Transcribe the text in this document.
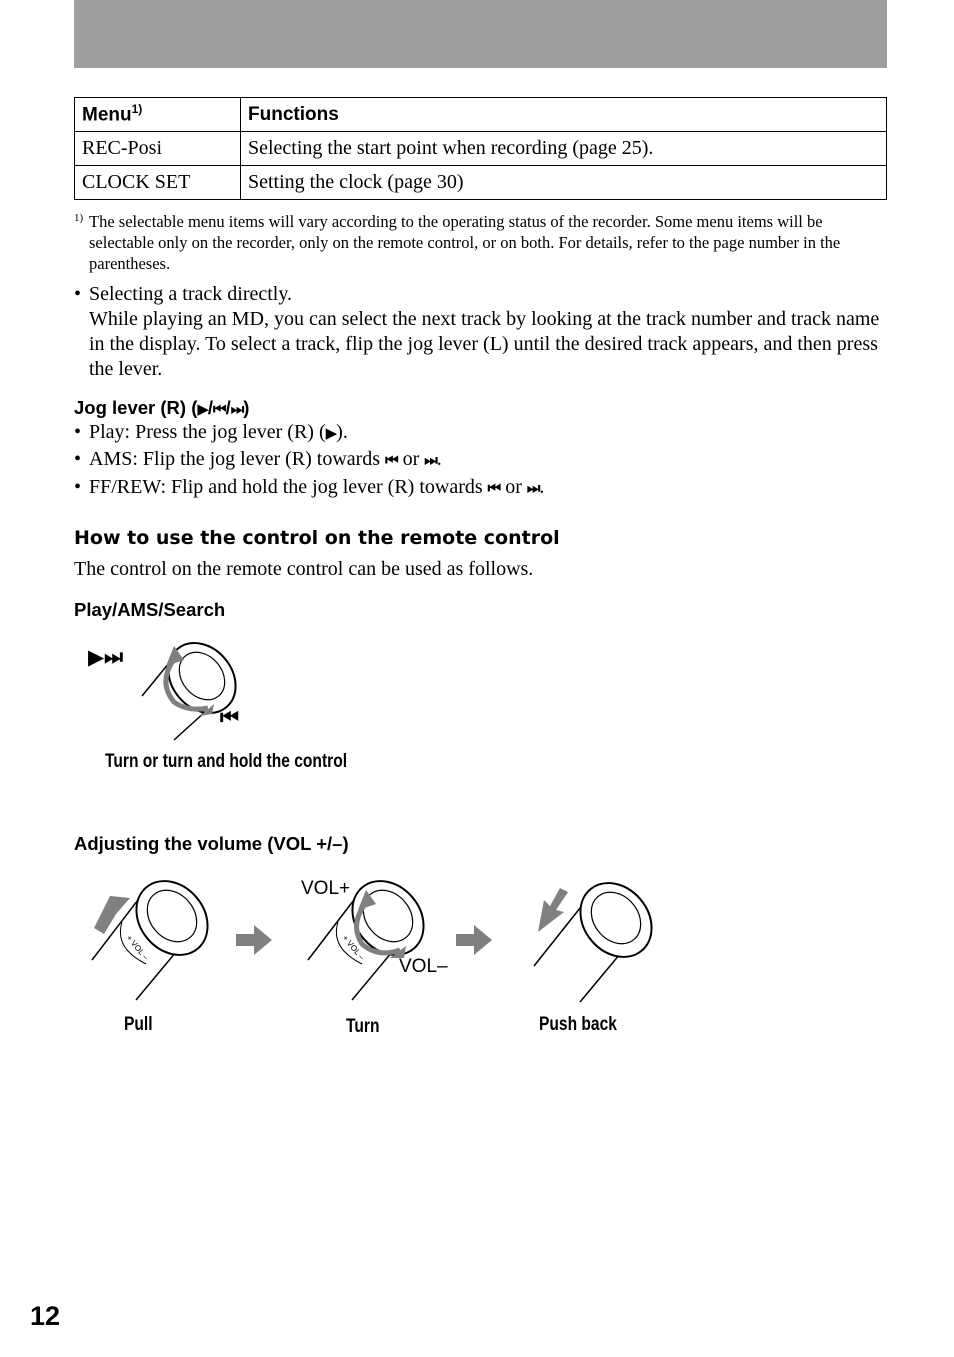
Menu$^{1)}$	Functions
REC-Posi	Selecting the start point when recording (page 25).
CLOCK SET	Setting the clock (page 30)
1) The selectable menu items will vary according to the operating status of the recorder. Some menu items will be selectable only on the recorder, only on the remote control, or on both. For details, refer to the page number in the parentheses.
• Selecting a track directly.
While playing an MD, you can select the next track by looking at the track number and track name in the display. To select a track, flip the jog lever (L) until the desired track appears, and then press the lever.
Jog lever (R) (▶/⏮/⏭)
• Play: Press the jog lever (R) (▶).
• AMS: Flip the jog lever (R) towards ⏮ or ⏭.
• FF/REW: Flip and hold the jog lever (R) towards ⏮ or ⏭.
How to use the control on the remote control
The control on the remote control can be used as follows.
Play/AMS/Search
▶⏭
⏮
Turn or turn and hold the control
Adjusting the volume (VOL +/–)
+ VOL –
Pull
+ VOL –
VOL+
VOL–
Turn	Push back
12
